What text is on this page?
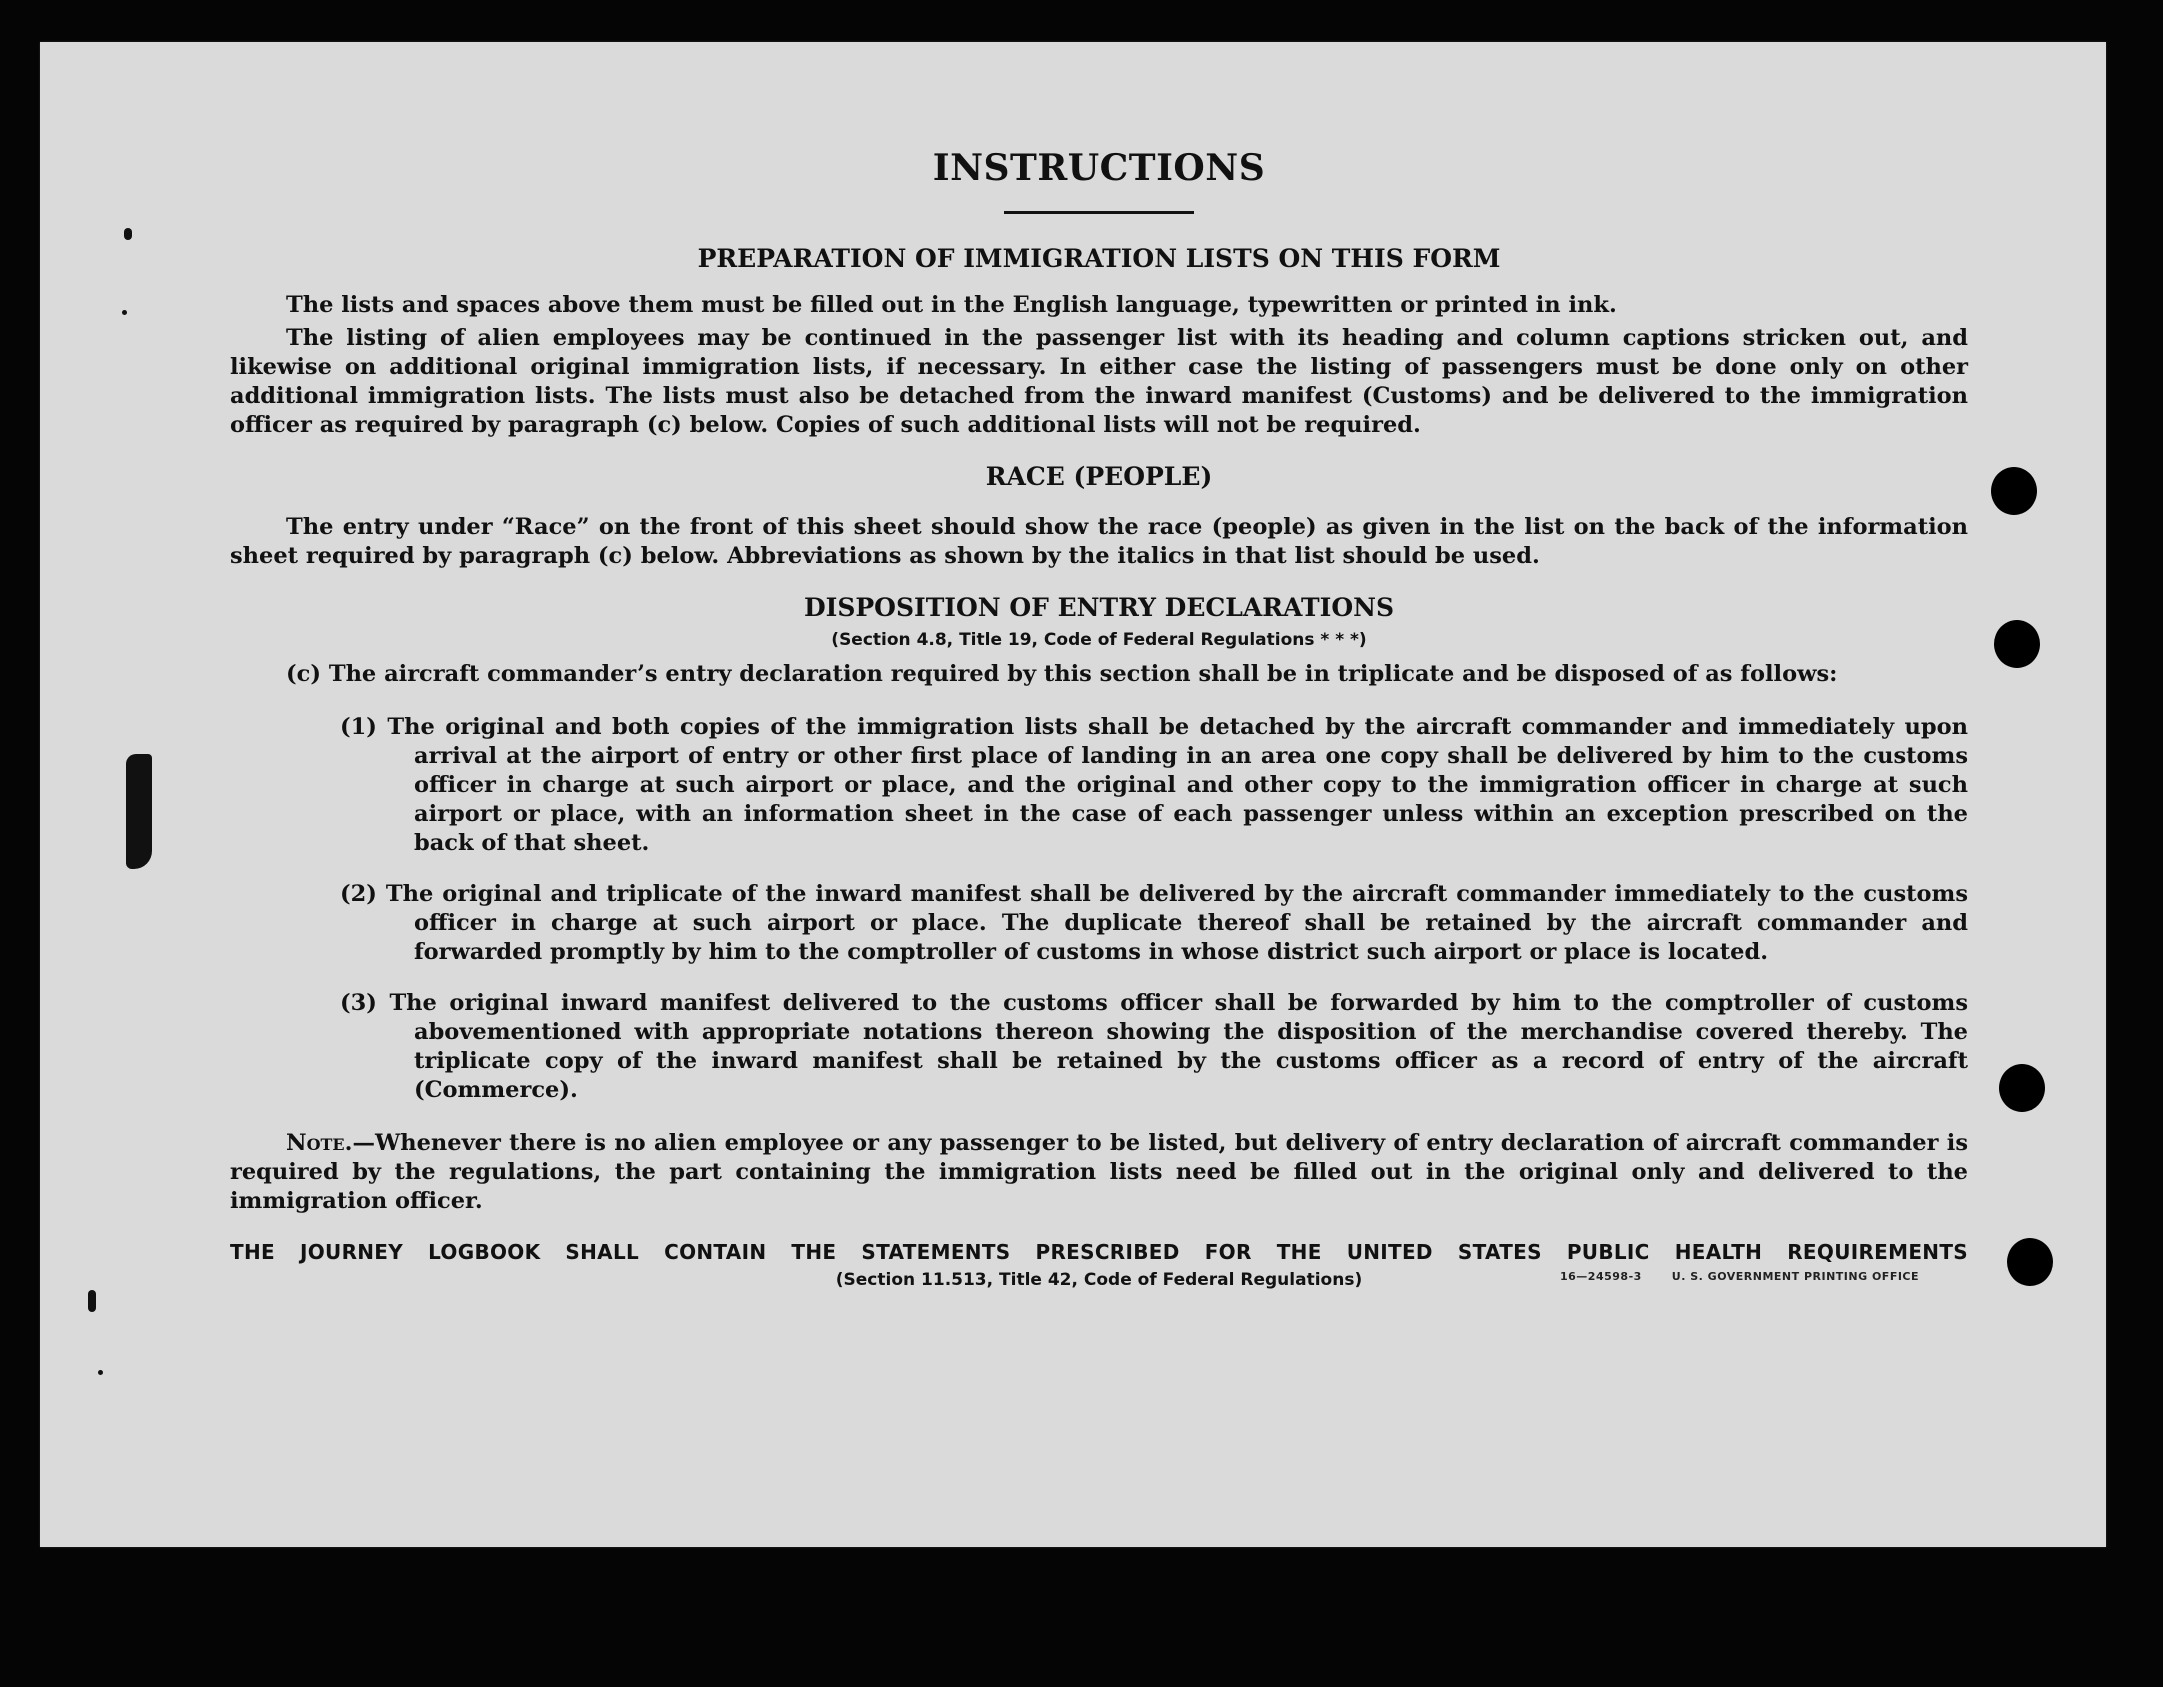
INSTRUCTIONS
PREPARATION OF IMMIGRATION LISTS ON THIS FORM

The lists and spaces above them must be filled out in the English language, typewritten or printed in ink.

The listing of alien employees may be continued in the passenger list with its heading and column captions stricken out, and likewise on additional original immigration lists, if necessary. In either case the listing of passengers must be done only on other additional immigration lists. The lists must also be detached from the inward manifest (Customs) and be delivered to the immigration officer as required by paragraph (c) below. Copies of such additional lists will not be required.

RACE (PEOPLE)

The entry under “Race” on the front of this sheet should show the race (people) as given in the list on the back of the information sheet required by paragraph (c) below. Abbreviations as shown by the italics in that list should be used.

DISPOSITION OF ENTRY DECLARATIONS
(Section 4.8, Title 19, Code of Federal Regulations * * *)

(c) The aircraft commander’s entry declaration required by this section shall be in triplicate and be disposed of as follows:

(1) The original and both copies of the immigration lists shall be detached by the aircraft commander and immediately upon arrival at the airport of entry or other first place of landing in an area one copy shall be delivered by him to the customs officer in charge at such airport or place, and the original and other copy to the immigration officer in charge at such airport or place, with an information sheet in the case of each passenger unless within an exception prescribed on the back of that sheet.
(2) The original and triplicate of the inward manifest shall be delivered by the aircraft commander immediately to the customs officer in charge at such airport or place. The duplicate thereof shall be retained by the aircraft commander and forwarded promptly by him to the comptroller of customs in whose district such airport or place is located.
(3) The original inward manifest delivered to the customs officer shall be forwarded by him to the comptroller of customs abovementioned with appropriate notations thereon showing the disposition of the merchandise covered thereby. The triplicate copy of the inward manifest shall be retained by the customs officer as a record of entry of the aircraft (Commerce).

Note.—Whenever there is no alien employee or any passenger to be listed, but delivery of entry declaration of aircraft commander is required by the regulations, the part containing the immigration lists need be filled out in the original only and delivered to the immigration officer.

THE JOURNEY LOGBOOK SHALL CONTAIN THE STATEMENTS PRESCRIBED FOR THE UNITED STATES PUBLIC HEALTH REQUIREMENTS
(Section 11.513, Title 42, Code of Federal Regulations)	16—24598-3	U. S. GOVERNMENT PRINTING OFFICE
